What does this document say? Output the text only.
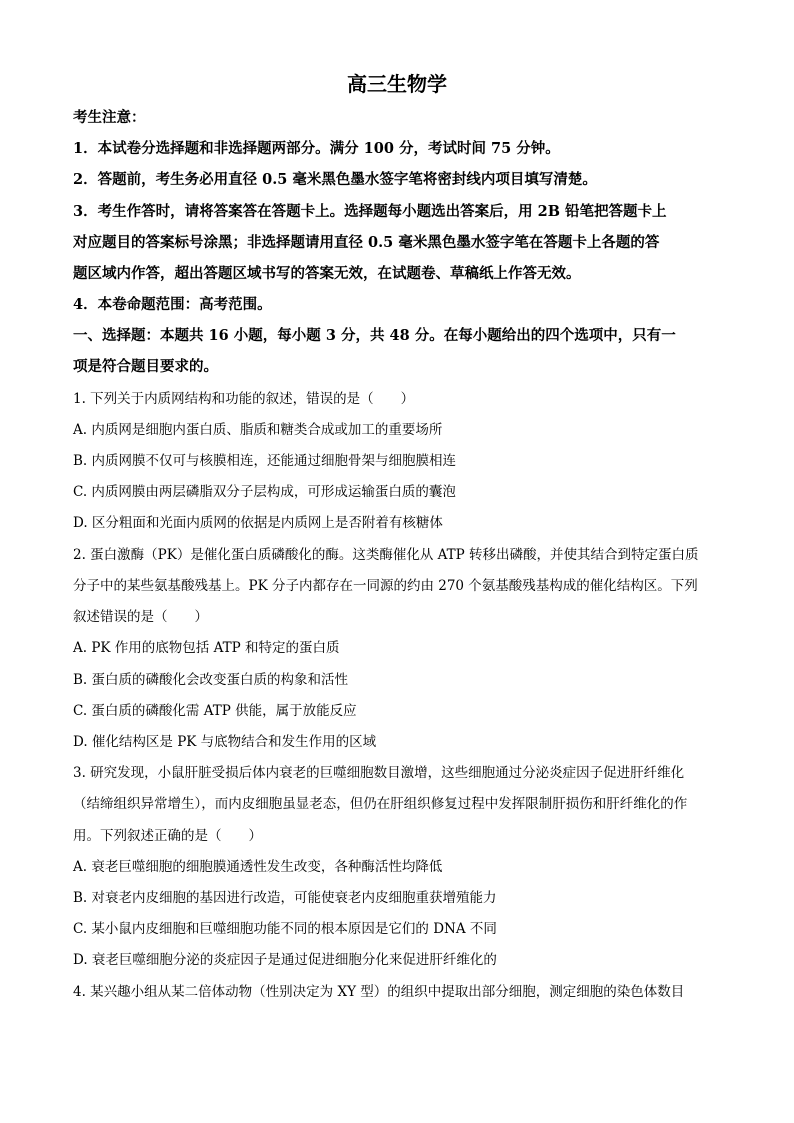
高三生物学
考生注意：
1．本试卷分选择题和非选择题两部分。满分 100 分，考试时间 75 分钟。
2．答题前，考生务必用直径 0.5 毫米黑色墨水签字笔将密封线内项目填写清楚。
3．考生作答时，请将答案答在答题卡上。选择题每小题选出答案后，用 2B 铅笔把答题卡上
对应题目的答案标号涂黑；非选择题请用直径 0.5 毫米黑色墨水签字笔在答题卡上各题的答
题区域内作答，超出答题区域书写的答案无效，在试题卷、草稿纸上作答无效。
4．本卷命题范围：高考范围。
一、选择题：本题共 16 小题，每小题 3 分，共 48 分。在每小题给出的四个选项中，只有一
项是符合题目要求的。
1. 下列关于内质网结构和功能的叙述，错误的是（　　）
A. 内质网是细胞内蛋白质、脂质和糖类合成或加工的重要场所
B. 内质网膜不仅可与核膜相连，还能通过细胞骨架与细胞膜相连
C. 内质网膜由两层磷脂双分子层构成，可形成运输蛋白质的囊泡
D. 区分粗面和光面内质网的依据是内质网上是否附着有核糖体
2. 蛋白激酶（PK）是催化蛋白质磷酸化的酶。这类酶催化从 ATP 转移出磷酸，并使其结合到特定蛋白质
分子中的某些氨基酸残基上。PK 分子内都存在一同源的约由 270 个氨基酸残基构成的催化结构区。下列
叙述错误的是（　　）
A. PK 作用的底物包括 ATP 和特定的蛋白质
B. 蛋白质的磷酸化会改变蛋白质的构象和活性
C. 蛋白质的磷酸化需 ATP 供能，属于放能反应
D. 催化结构区是 PK 与底物结合和发生作用的区域
3. 研究发现，小鼠肝脏受损后体内衰老的巨噬细胞数目激增，这些细胞通过分泌炎症因子促进肝纤维化
（结缔组织异常增生），而内皮细胞虽显老态，但仍在肝组织修复过程中发挥限制肝损伤和肝纤维化的作
用。下列叙述正确的是（　　）
A. 衰老巨噬细胞的细胞膜通透性发生改变，各种酶活性均降低
B. 对衰老内皮细胞的基因进行改造，可能使衰老内皮细胞重获增殖能力
C. 某小鼠内皮细胞和巨噬细胞功能不同的根本原因是它们的 DNA 不同
D. 衰老巨噬细胞分泌的炎症因子是通过促进细胞分化来促进肝纤维化的
4. 某兴趣小组从某二倍体动物（性别决定为 XY 型）的组织中提取出部分细胞，测定细胞的染色体数目
